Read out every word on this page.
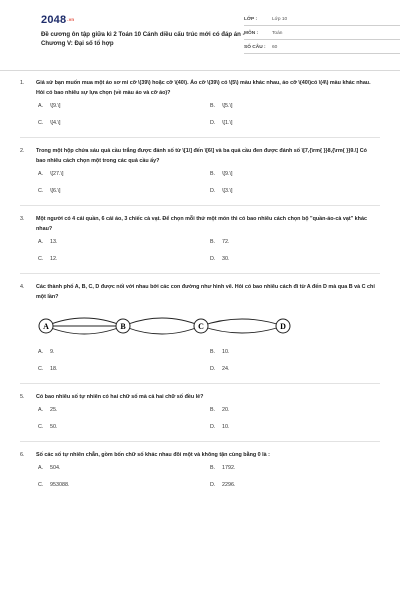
$2048^{.vn}$
Đề cương ôn tập giữa kì 2 Toán 10 Cánh diều cấu trúc mới có đáp án - Chương V: Đại số tổ hợp
LỚP :	Lớp 10
MÔN :	Toán
SỐ CÂU :	60
1.	Giả sử bạn muốn mua một áo sơ mi cỡ \(39\) hoặc cỡ \(40\). Áo cỡ \(39\) có \(5\) màu khác nhau, áo cỡ \(40\)có \(4\) màu khác nhau. Hỏi có bao nhiêu sự lựa chọn (về màu áo và cỡ áo)?
A.	\[9.\]	B.	\[5.\]
C.	\[4.\]	D.	\[1.\]
2.	Trong một hộp chứa sáu quả cầu trắng được đánh số từ \[1\] đến \[6\] và ba quả cầu đen được đánh số \[7,{\rm{ }}8,{\rm{ }}9.\] Có bao nhiêu cách chọn một trong các quả cầu ấy?
A.	\[27.\]	B.	\[9.\]
C.	\[6.\]	D.	\[3.\]
3.	Một người có 4 cái quần, 6 cái áo, 3 chiếc cà vạt. Để chọn mỗi thứ một món thì có bao nhiêu cách chọn bộ "quần-áo-cà vạt" khác nhau?
A.	13.	B.	72.
C.	12.	D.	30.
4.	Các thành phố A, B, C, D được nối với nhau bởi các con đường như hình vẽ. Hỏi có bao nhiêu cách đi từ A đến D mà qua B và C chỉ một lần?
A	B	C	D
A.	9.	B.	10.
C.	18.	D.	24.
5.	Có bao nhiêu số tự nhiên có hai chữ số mà cả hai chữ số đều lẻ?
A.	25.	B.	20.
C.	50.	D.	10.
6.	Số các số tự nhiên chẵn, gồm bốn chữ số khác nhau đôi một và không tận cùng bằng 0 là :
A.	504.	B.	1792.
C.	953088.	D.	2296.
